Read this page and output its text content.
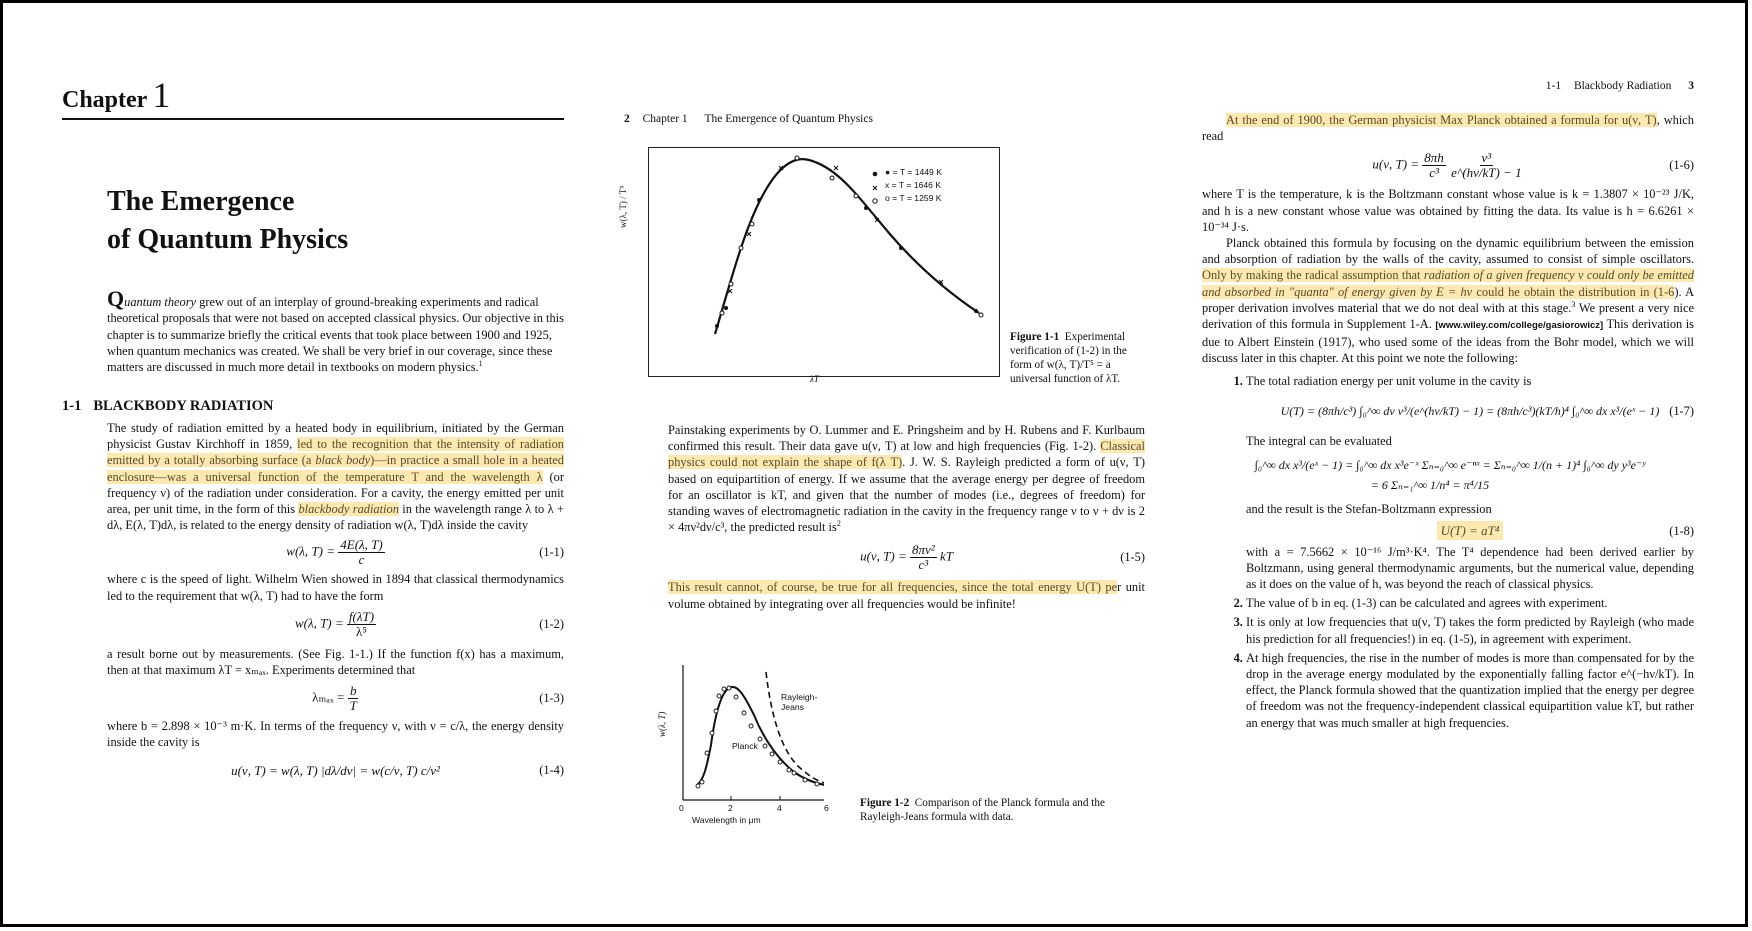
Chapter 1
The Emergence
of Quantum Physics
Quantum theory grew out of an interplay of ground-breaking experiments and radical theoretical proposals that were not based on accepted classical physics. Our objective in this chapter is to summarize briefly the critical events that took place between 1900 and 1925, when quantum mechanics was created. We shall be very brief in our coverage, since these matters are discussed in much more detail in textbooks on modern physics.$^1$
1-1 BLACKBODY RADIATION

The study of radiation emitted by a heated body in equilibrium, initiated by the German physicist Gustav Kirchhoff in 1859, led to the recognition that the intensity of radiation emitted by a totally absorbing surface (a black body)—in practice a small hole in a heated enclosure—was a universal function of the temperature T and the wavelength λ (or frequency ν) of the radiation under consideration. For a cavity, the energy emitted per unit area, per unit time, in the form of this blackbody radiation in the wavelength range λ to λ + dλ, E(λ, T)dλ, is related to the energy density of radiation w(λ, T)dλ inside the cavity

w(λ, $T) = \frac{4E(\lambda, T)}{c}$	(1-1)

where c is the speed of light. Wilhelm Wien showed in 1894 that classical thermodynamics led to the requirement that w(λ, T) had to have the form

w(λ, $T) = \frac{f(\lambda T)}{\text{λ⁵}}$	(1-2)

a result borne out by measurements. (See Fig. 1-1.) If the function f(x) has a maximum, then at that maximum λT = xₘₐₓ. Experiments determined that

$\lambda_{max} = \frac{b}{T}$	(1-3)

where b = 2.898 × 10⁻³ m·K. In terms of the frequency ν, with ν = c/λ, the energy density inside the cavity is

u(ν, T) = w(λ, T) |dλ/dν| = w(c/ν, T) c/ν²	(1-4)
2 Chapter 1 The Emergence of Quantum Physics
w(λ, T) / T⁵
● = T = 1449 K
x = T = 1646 K
o = T = 1259 K
λT
Figure 1-1 Experimental verification of (1-2) in the form of w(λ, T)/T⁵ = a universal function of λT.

Painstaking experiments by O. Lummer and E. Pringsheim and by H. Rubens and F. Kurlbaum confirmed this result. Their data gave u(ν, T) at low and high frequencies (Fig. 1-2). Classical physics could not explain the shape of f(λ T). J. W. S. Rayleigh predicted a form of u(ν, T) based on equipartition of energy. If we assume that the average energy per degree of freedom for an oscillator is kT, and given that the number of modes (i.e., degrees of freedom) for standing waves of electromagnetic radiation in the cavity in the frequency range ν to ν + dν is 2 × 4πν²dν/c³, the predicted result $is^2$

u(ν, $T) = \frac{\text{8πν²}}{\text{c³}}$ kT	(1-5)

This result cannot, of course, be true for all frequencies, since the total energy U(T) per unit volume obtained by integrating over all frequencies would be infinite!

w(λ, T)
Rayleigh-Jeans
Planck
0	2	4	6
Wavelength in μm
Figure 1-2 Comparison of the Planck formula and the Rayleigh-Jeans formula with data.
1-1 Blackbody Radiation 3

At the end of 1900, the German physicist Max Planck obtained a formula for u(ν, T), which read

u(ν, $T) = \frac{8\pi h}{\text{c³}}$
$\frac{\text{ν³}}{e\^{}(h\nu/kT) - 1}$	(1-6)

where T is the temperature, k is the Boltzmann constant whose value is k = 1.3807 × 10⁻²³ J/K, and h is a new constant whose value was obtained by fitting the data. Its value is h = 6.6261 × 10⁻³⁴ J·s.

Planck obtained this formula by focusing on the dynamic equilibrium between the emission and absorption of radiation by the walls of the cavity, assumed to consist of simple oscillators. Only by making the radical assumption that radiation of a given frequency ν could only be emitted and absorbed in "quanta" of energy given by E = hν could he obtain the distribution in (1-6). A proper derivation involves material that we do not deal with at this stage.$^3$ We present a very nice derivation of this formula in Supplement 1-A. [www.wiley.com/college/gasiorowicz] This derivation is due to Albert Einstein (1917), who used some of the ideas from the Bohr model, which we will discuss later in this chapter. At this point we note the following:

1. The total radiation energy per unit volume in the cavity is
U(T) = (8πh/c³) ∫₀^∞ dν ν³/(e^(hν/kT) − 1) = (8πh/c³)(kT/h)⁴ ∫₀^∞ dx x³/(eˣ − 1) (1-7)
The integral can be evaluated
∫₀^∞ dx x³/(eˣ − 1) = ∫₀^∞ dx x³e⁻ˣ Σₙ₌₀^∞ e⁻ⁿˣ = Σₙ₌₀^∞ 1/(n + 1)⁴ ∫₀^∞ dy y³e⁻ʸ
= 6 Σₙ₌₁^∞ 1/n⁴ = π⁴/15
and the result is the Stefan-Boltzmann expression
U(T) = aT⁴	(1-8)
with a = 7.5662 × 10⁻¹⁶ J/m³·K⁴. The T⁴ dependence had been derived earlier by Boltzmann, using general thermodynamic arguments, but the numerical value, depending as it does on the value of h, was beyond the reach of classical physics.
2. The value of b in eq. (1-3) can be calculated and agrees with experiment.
3. It is only at low frequencies that u(ν, T) takes the form predicted by Rayleigh (who made his prediction for all frequencies!) in eq. (1-5), in agreement with experiment.
4. At high frequencies, the rise in the number of modes is more than compensated for by the drop in the average energy modulated by the exponentially falling factor e^(−hν/kT). In effect, the Planck formula showed that the quantization implied that the energy per degree of freedom was not the frequency-independent classical equipartition value kT, but rather an energy that was much smaller at high frequencies.
